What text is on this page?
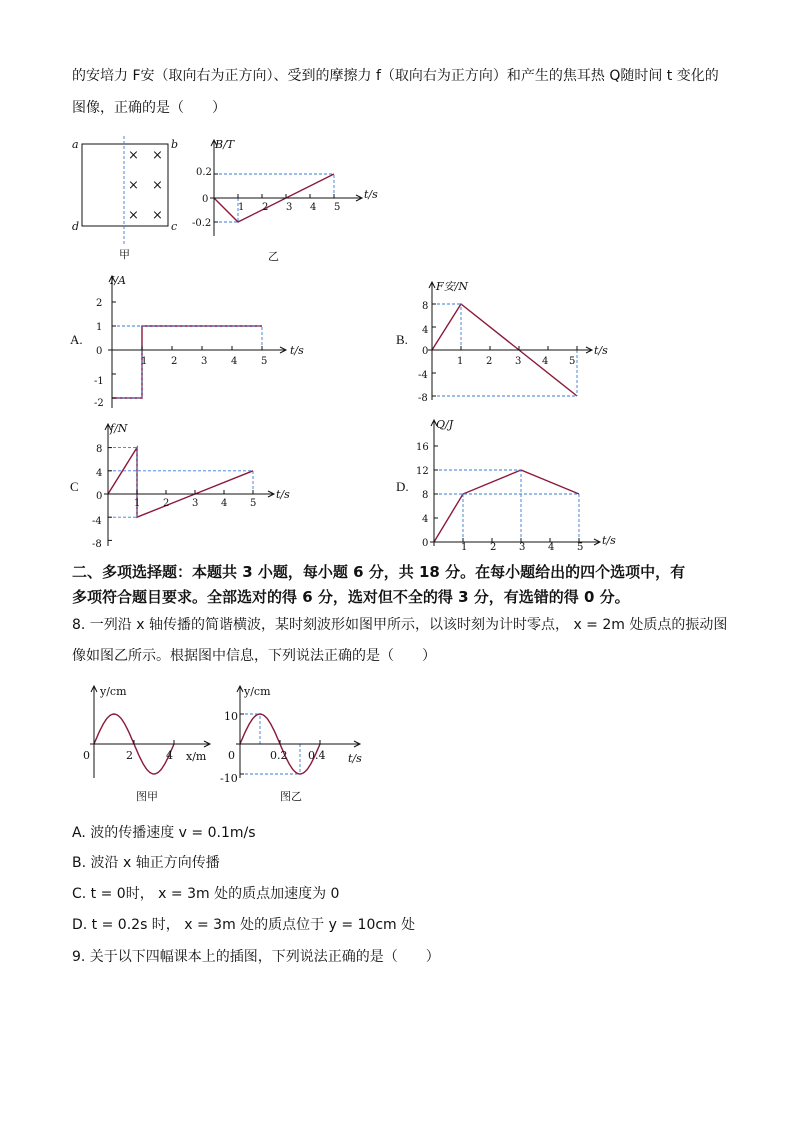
的安培力 F安（取向右为正方向）、受到的摩擦力 f（取向右为正方向）和产生的焦耳热 Q随时间 t 变化的
图像，正确的是（　　）
a	b
c
d
× ×
× ×
× ×
甲
B/T
t/s
乙
0.2
0
-0.2
1 2 3 4 5
A.
I/A
t/s
2
1
0
-1
-2
1 2 3 4 5
B.
F安/N
t/s
8
4
0
-4
-8
1 2 3 4 5
C
f/N
t/s
8
4
0
-4
-8
1 2 3 4 5
D.
Q/J
t/s
16
12
8
4
0	1 2 3 4 5
二、多项选择题：本题共 3 小题，每小题 6 分，共 18 分。在每小题给出的四个选项中，有
多项符合题目要求。全部选对的得 6 分，选对但不全的得 3 分，有选错的得 0 分。
8. 一列沿 x 轴传播的简谐横波，某时刻波形如图甲所示，以该时刻为计时零点， x = 2m 处质点的振动图
像如图乙所示。根据图中信息，下列说法正确的是（　　）
y/cm
x/m
0	2	4
图甲
y/cm
t/s
10
-10
0	0.2 0.4
图乙
A. 波的传播速度 v = 0.1m/s
B. 波沿 x 轴正方向传播
C. t = 0时， x = 3m 处的质点加速度为 0
D. t = 0.2s 时， x = 3m 处的质点位于 y = 10cm 处
9. 关于以下四幅课本上的插图，下列说法正确的是（　　）
